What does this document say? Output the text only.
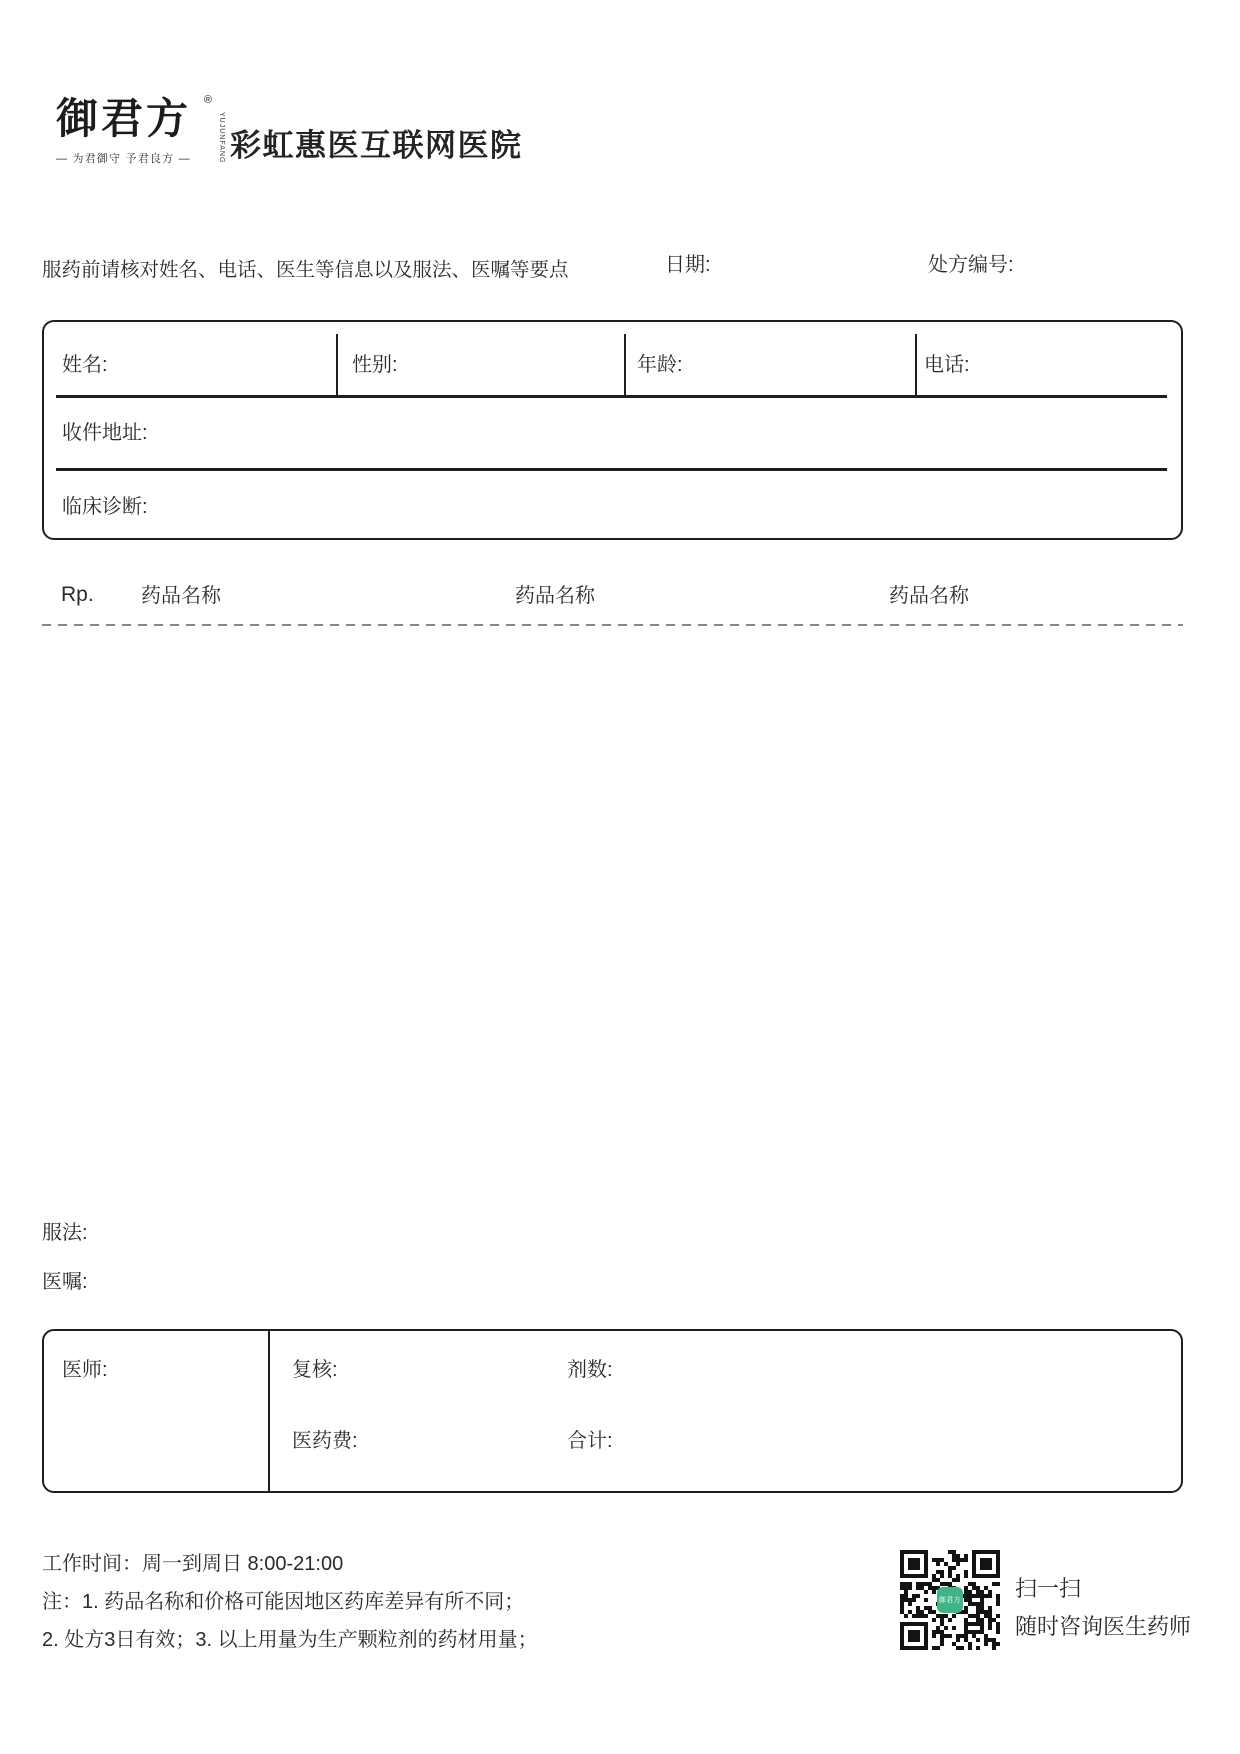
御君方	®
YUJUNFANG
— 为君御守 予君良方 —	彩虹惠医互联网医院
服药前请核对姓名、电话、医生等信息以及服法、医嘱等要点	日期:	处方编号:
姓名:	性别:	年龄:	电话:
收件地址:
临床诊断:
Rp. 药品名称	药品名称	药品名称
服法:
医嘱:
医师:	复核:	剂数:
医药费:	合计:
工作时间：周一到周日 8:00-21:00
注：1. 药品名称和价格可能因地区药库差异有所不同；
2. 处方3日有效；3. 以上用量为生产颗粒剂的药材用量；
御君方 扫一扫
随时咨询医生药师
